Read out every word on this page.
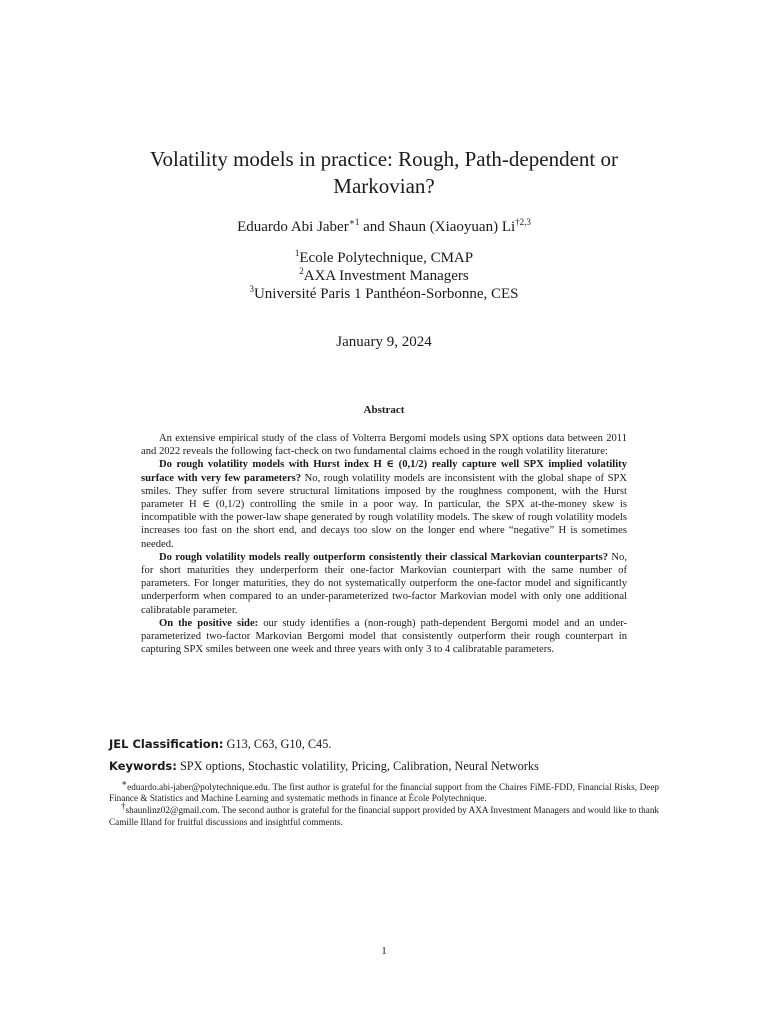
Volatility models in practice: Rough, Path-dependent or Markovian?
Eduardo Abi Jaber$^{∗1}$ and Shaun (Xiaoyuan) Li$^{\dagger 2,3}$
$^1$Ecole Polytechnique, CMAP
$^2$AXA Investment Managers
$^3$Université Paris 1 Panthéon-Sorbonne, CES
January 9, 2024
Abstract

An extensive empirical study of the class of Volterra Bergomi models using SPX options data between 2011 and 2022 reveals the following fact-check on two fundamental claims echoed in the rough volatility literature:

Do rough volatility models with Hurst index H ∈ (0,1/2) really capture well SPX implied volatility surface with very few parameters? No, rough volatility models are inconsistent with the global shape of SPX smiles. They suffer from severe structural limitations imposed by the roughness component, with the Hurst parameter H ∈ (0,1/2) controlling the smile in a poor way. In particular, the SPX at-the-money skew is incompatible with the power-law shape generated by rough volatility models. The skew of rough volatility models increases too fast on the short end, and decays too slow on the longer end where “negative” H is sometimes needed.

Do rough volatility models really outperform consistently their classical Markovian counterparts? No, for short maturities they underperform their one-factor Markovian counterpart with the same number of parameters. For longer maturities, they do not systematically outperform the one-factor model and significantly underperform when compared to an under-parameterized two-factor Markovian model with only one additional calibratable parameter.

On the positive side: our study identifies a (non-rough) path-dependent Bergomi model and an under-parameterized two-factor Markovian Bergomi model that consistently outperform their rough counterpart in capturing SPX smiles between one week and three years with only 3 to 4 calibratable parameters.

JEL Classification: G13, C63, G10, C45.
Keywords: SPX options, Stochastic volatility, Pricing, Calibration, Neural Networks

∗eduardo.abi-jaber@polytechnique.edu. The first author is grateful for the financial support from the Chaires FiME-FDD, Financial Risks, Deep Finance & Statistics and Machine Learning and systematic methods in finance at École Polytechnique.

†shaunlinz02@gmail.com. The second author is grateful for the financial support provided by AXA Investment Managers and would like to thank Camille Illand for fruitful discussions and insightful comments.

1
